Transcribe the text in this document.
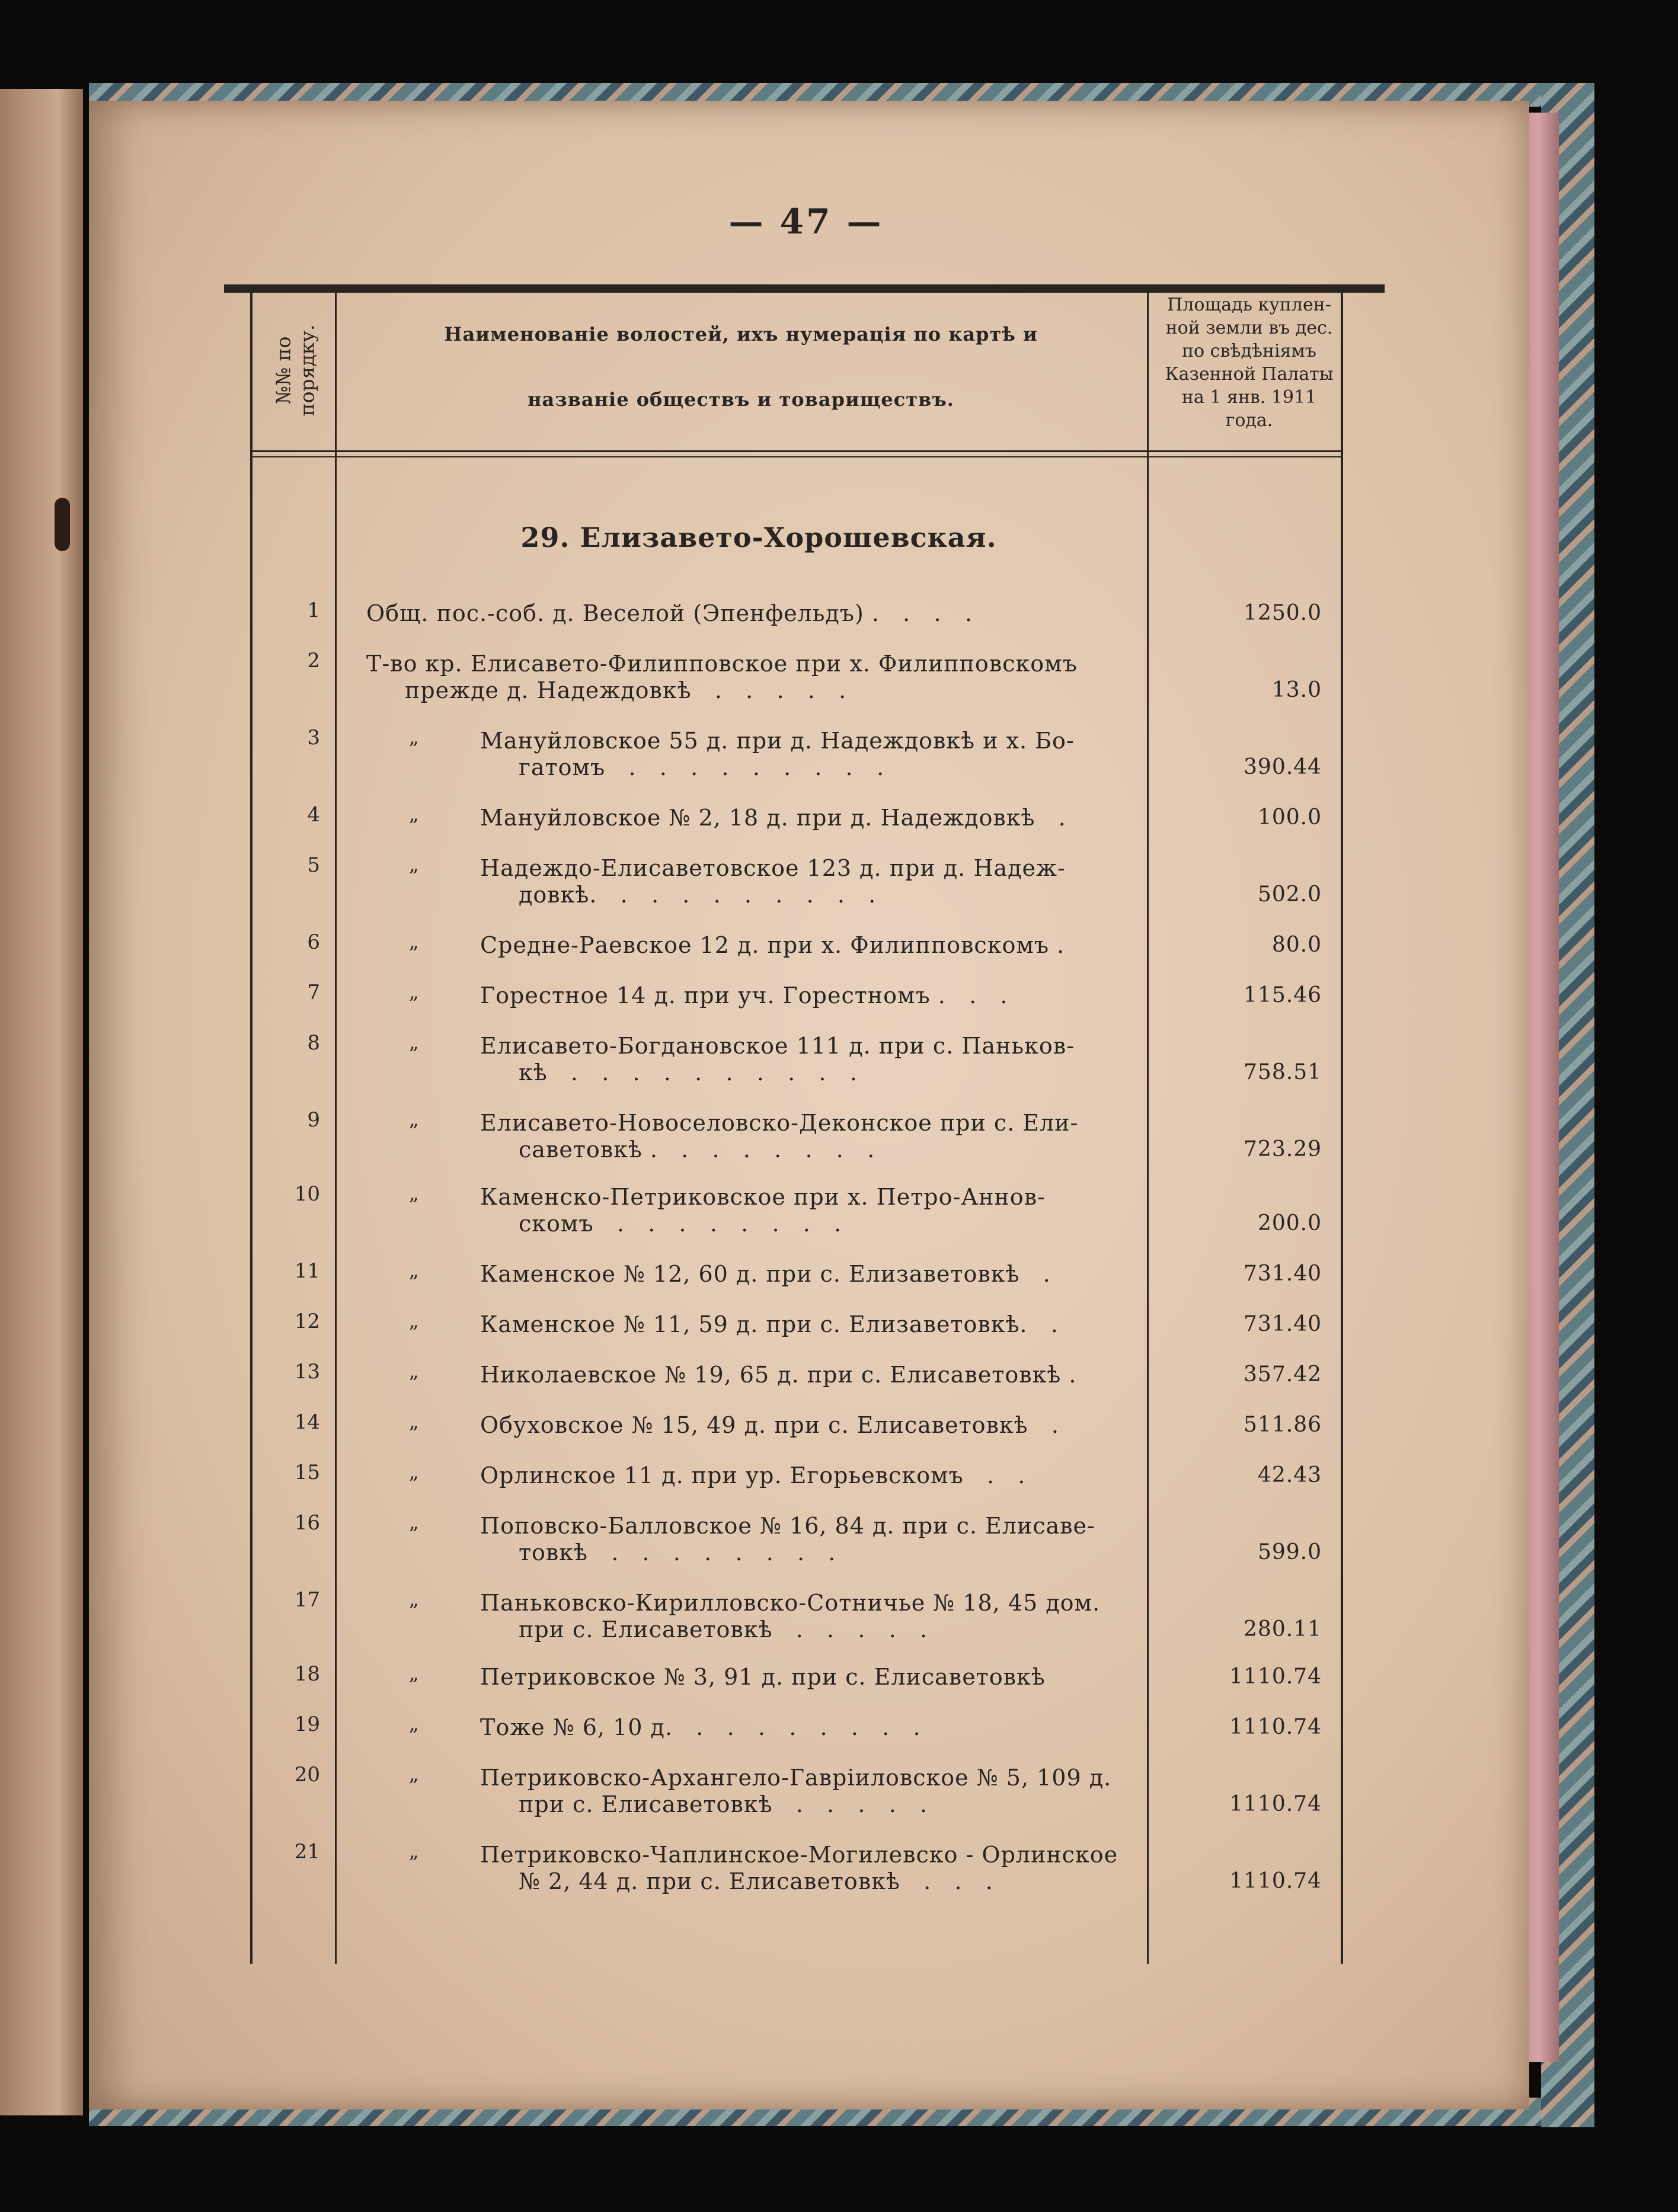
— 47 —
№№ по
порядку.	Наименованіе волостей, ихъ нумерація по картѣ и
названіе обществъ и товариществъ.
Площадь куплен-
ной земли въ дес.
по свѣдѣніямъ
Казенной Палаты
на 1 янв. 1911
года.
29. Елизавето-Хорошевская.
1 Общ. пос.-соб. д. Веселой (Эпенфельдъ) .   .   .   .	1250.0
2 Т-во кр. Елисавето-Филипповское при х. Филипповскомъ
прежде д. Надеждовкѣ   .   .   .   .   .	13.0
3	„	Мануйловское 55 д. при д. Надеждовкѣ и х. Бо-
гатомъ   .   .   .   .   .   .   .   .   .	390.44
4	„	Мануйловское № 2, 18 д. при д. Надеждовкѣ   .	100.0
5	„	Надеждо-Елисаветовское 123 д. при д. Надеж-
довкѣ.   .   .   .   .   .   .   .   .   .	502.0
6	„	Средне-Раевское 12 д. при х. Филипповскомъ .	80.0
7	„	Горестное 14 д. при уч. Горестномъ .   .   .	115.46
8	„	Елисавето-Богдановское 111 д. при с. Паньков-
кѣ   .   .   .   .   .   .   .   .   .   .	758.51
9	„	Елисавето-Новоселовско-Деконское при с. Ели-
саветовкѣ .   .   .   .   .   .   .   .	723.29
10	„	Каменско-Петриковское при х. Петро-Аннов-
скомъ   .   .   .   .   .   .   .   .	200.0
11	„	Каменское № 12, 60 д. при с. Елизаветовкѣ   .	731.40
12	„	Каменское № 11, 59 д. при с. Елизаветовкѣ.   .	731.40
13	„	Николаевское № 19, 65 д. при с. Елисаветовкѣ .	357.42
14	„	Обуховское № 15, 49 д. при с. Елисаветовкѣ   .	511.86
15	„	Орлинское 11 д. при ур. Егорьевскомъ   .   .	42.43
16	„	Поповско-Балловское № 16, 84 д. при с. Елисаве-
товкѣ   .   .   .   .   .   .   .   .	599.0
17	„	Паньковско-Кирилловско-Сотничье № 18, 45 дом.
при с. Елисаветовкѣ   .   .   .   .   .	280.11
18	„	Петриковское № 3, 91 д. при с. Елисаветовкѣ	1110.74
19	„	Тоже № 6, 10 д.   .   .   .   .   .   .   .   .	1110.74
20	„	Петриковско-Архангело-Гавріиловское № 5, 109 д.
при с. Елисаветовкѣ   .   .   .   .   .	1110.74
21	„	Петриковско-Чаплинское-Могилевско - Орлинское
№ 2, 44 д. при с. Елисаветовкѣ   .   .   .	1110.74
